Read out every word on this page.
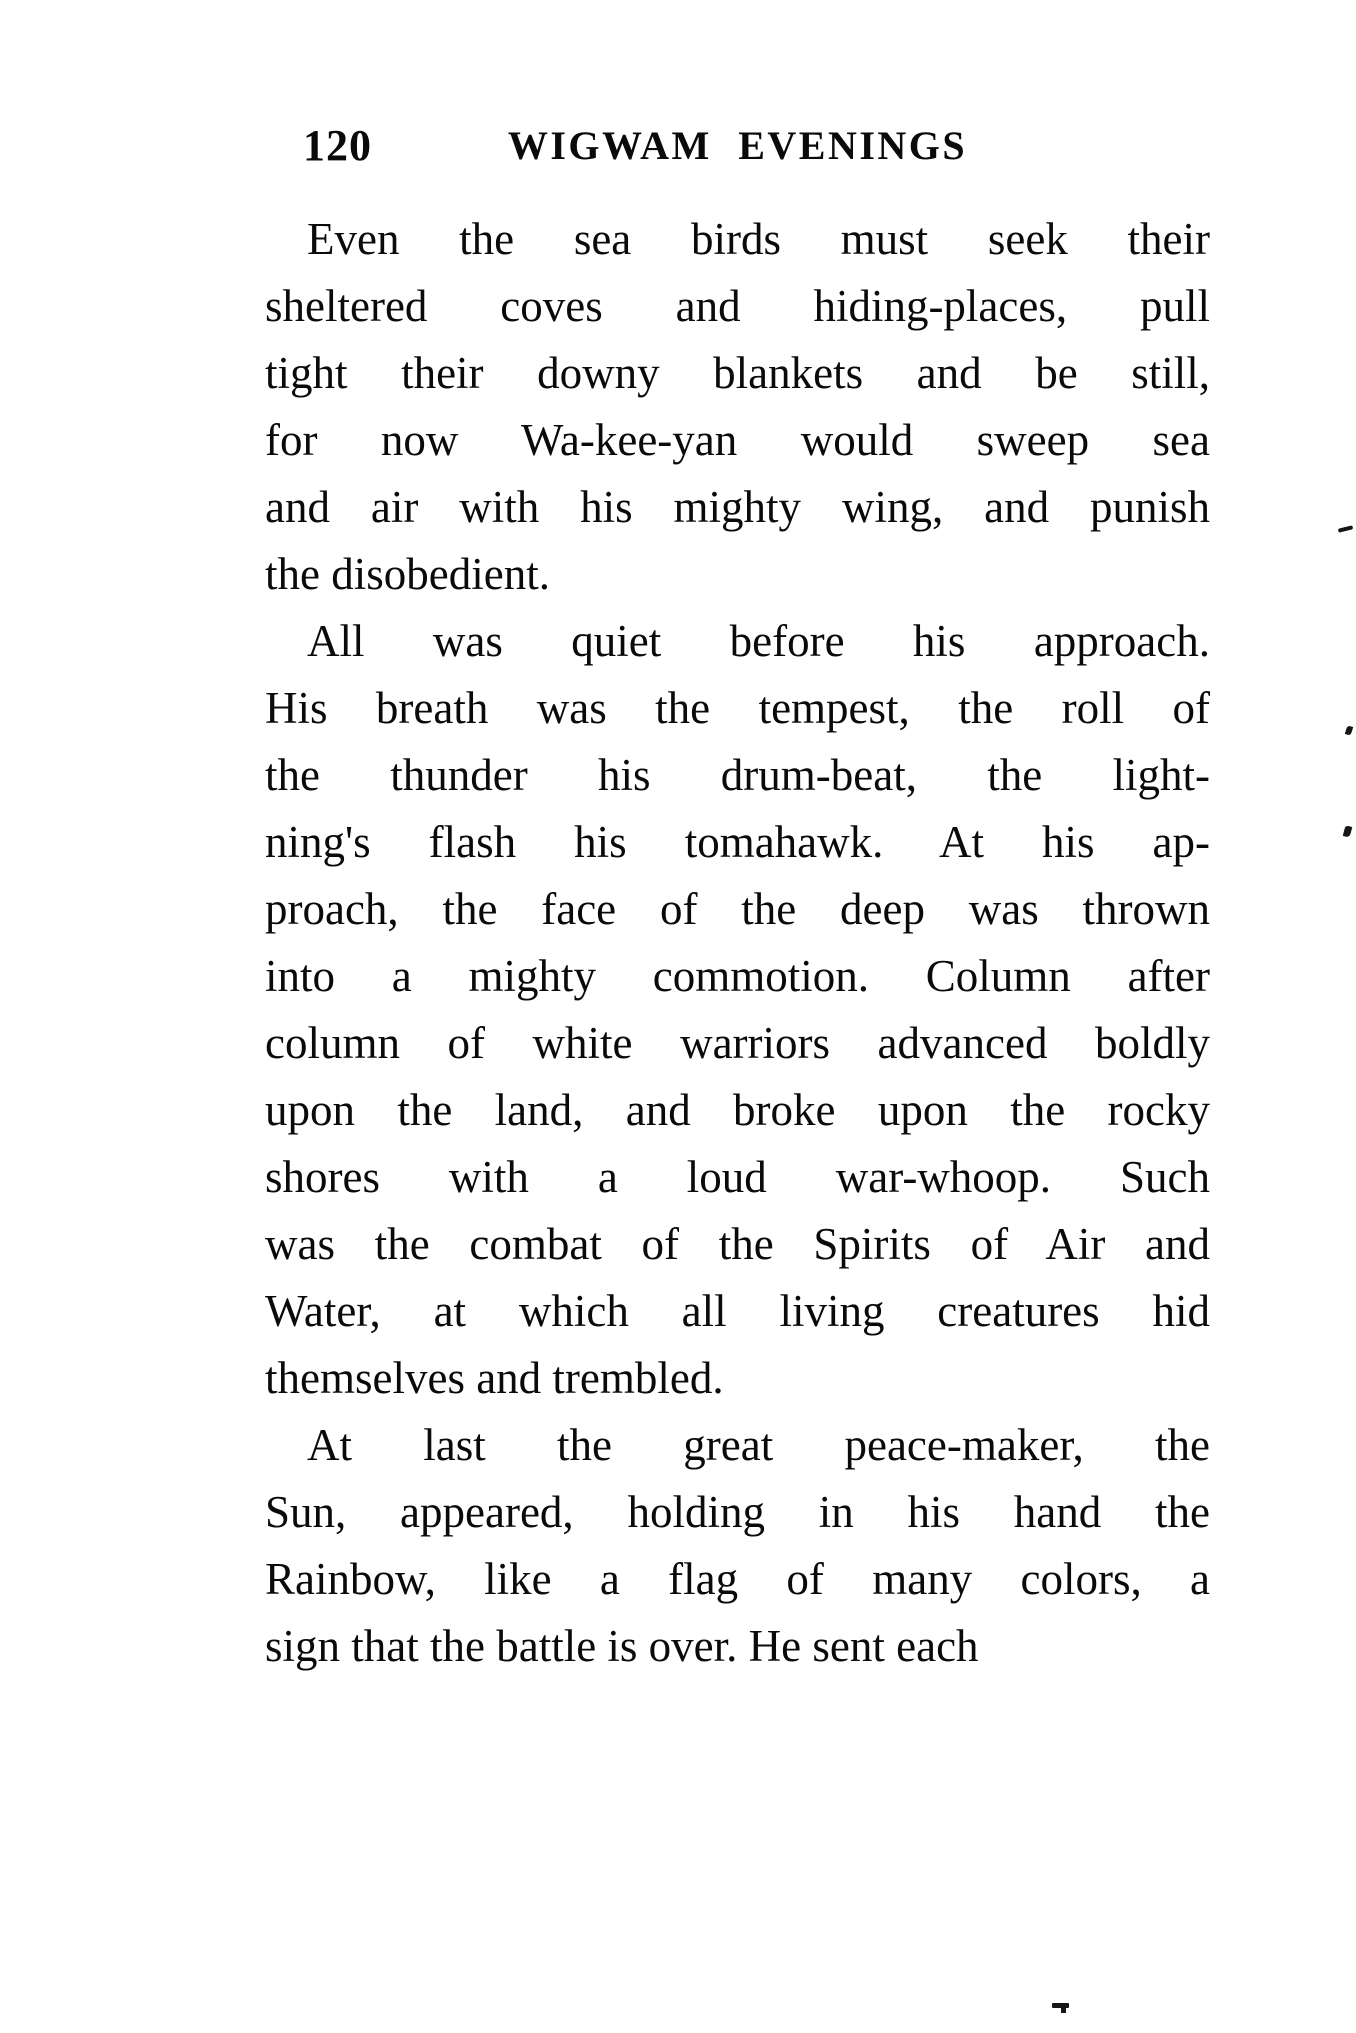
120	WIGWAM EVENINGS
Even the sea birds must seek their
sheltered coves and hiding-places, pull
tight their downy blankets and be still,
for now Wa-kee-yan would sweep sea
and air with his mighty wing, and punish
the disobedient.
All was quiet before his approach.
His breath was the tempest, the roll of
the thunder his drum-beat, the light-
ning's flash his tomahawk. At his ap-
proach, the face of the deep was thrown
into a mighty commotion. Column after
column of white warriors advanced boldly
upon the land, and broke upon the rocky
shores with a loud war-whoop. Such
was the combat of the Spirits of Air and
Water, at which all living creatures hid
themselves and trembled.
At last the great peace-maker, the
Sun, appeared, holding in his hand the
Rainbow, like a flag of many colors, a
sign that the battle is over. He sent each
